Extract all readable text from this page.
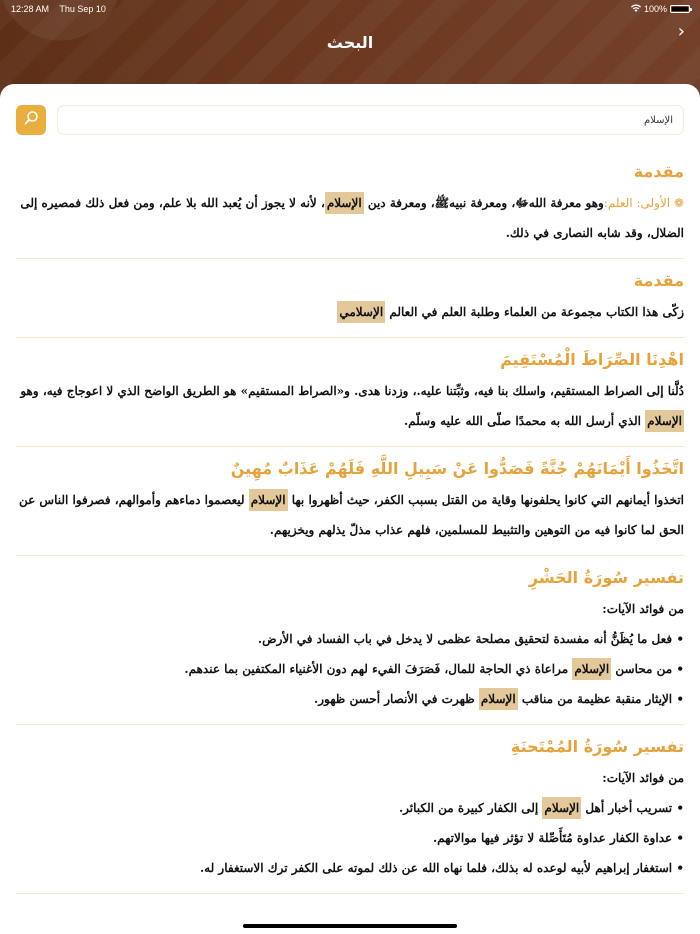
12:28 AM Thu Sep 10	100%
البحث
›
الإسلام

مقدمة

❁ الأولى: العلم:وهو معرفة اللهﷻ، ومعرفة نبيهﷺ، ومعرفة دين الإسلام، لأنه لا يجوز أن يُعبد الله بلا علم، ومن فعل ذلك فمصيره إلى الضلال، وقد شابه النصارى في ذلك.

مقدمة

زكّى هذا الكتاب مجموعة من العلماء وطلبة العلم في العالم الإسلامي

اهْدِنَا الصِّرَاطَ الْمُسْتَقِيمَ

دُلَّنا إلى الصراط المستقيم، واسلك بنا فيه، وثبِّتنا عليه.، وزدنا هدى. و«الصراط المستقيم» هو الطريق الواضح الذي لا اعوجاج فيه، وهو الإسلام الذي أرسل الله به محمدًا صلّى الله عليه وسلّم.

اتَّخَذُوا أَيْمَانَهُمْ جُنَّةً فَصَدُّوا عَنْ سَبِيلِ اللَّهِ فَلَهُمْ عَذَابٌ مُهِينٌ

اتخذوا أيمانهم التي كانوا يحلفونها وقاية من القتل بسبب الكفر، حيث أظهروا بها الإسلام ليعصموا دماءهم وأموالهم، فصرفوا الناس عن الحق لما كانوا فيه من التوهين والتثبيط للمسلمين، فلهم عذاب مذلّ يذلهم ويخزيهم.

تفسير سُورَةُ الحَشْرِ

من فوائد الآيات:
• فعل ما يُظَنُّ أنه مفسدة لتحقيق مصلحة عظمى لا يدخل في باب الفساد في الأرض.
• من محاسن الإسلام مراعاة ذي الحاجة للمال، فَصَرَفَ الفيء لهم دون الأغنياء المكتفين بما عندهم.
• الإيثار منقبة عظيمة من مناقب الإسلام ظهرت في الأنصار أحسن ظهور.

تفسير سُورَةُ المُمْتَحنَةِ

من فوائد الآيات:
• تسريب أخبار أهل الإسلام إلى الكفار كبيرة من الكبائر.
• عداوة الكفار عداوة مُتَأَصِّلة لا تؤثر فيها موالاتهم.
• استغفار إبراهيم لأبيه لوعده له بذلك، فلما نهاه الله عن ذلك لموته على الكفر ترك الاستغفار له.
